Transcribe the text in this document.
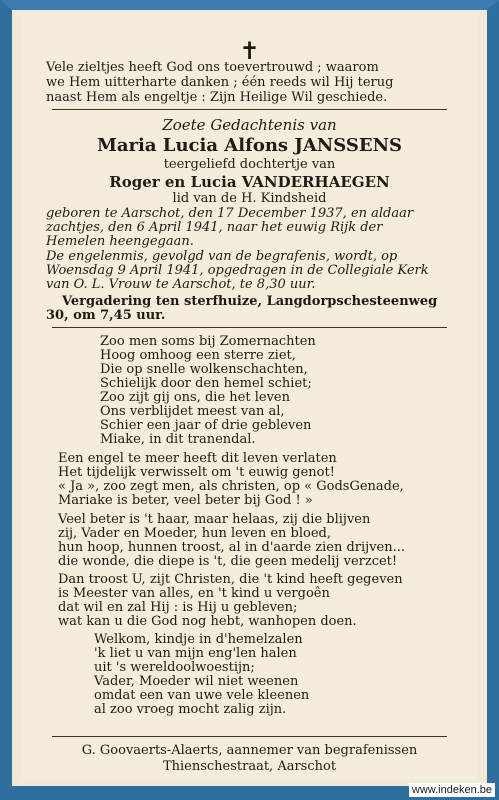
✝
Vele zieltjes heeft God ons toevertrouwd ; waarom
we Hem uitterharte danken ; één reeds wil Hij terug
naast Hem als engeltje : Zijn Heilige Wil geschiede.
Zoete Gedachtenis van
Maria Lucia Alfons JANSSENS
teergeliefd dochtertje van
Roger en Lucia VANDERHAEGEN
lid van de H. Kindsheid
geboren te Aarschot, den 17 December 1937, en aldaar
zachtjes, den 6 April 1941, naar het euwig Rijk der
Hemelen heengegaan.
De engelenmis, gevolgd van de begrafenis, wordt, op
Woensdag 9 April 1941, opgedragen in de Collegiale Kerk
van O. L. Vrouw te Aarschot, te 8,30 uur.
Vergadering ten sterfhuize, Langdorpschesteenweg
30, om 7,45 uur.
Zoo men soms bij Zomernachten
Hoog omhoog een sterre ziet,
Die op snelle wolkenschachten,
Schielijk door den hemel schiet;
Zoo zijt gij ons, die het leven
Ons verblijdet meest van al,
Schier een jaar of drie gebleven
Miake, in dit tranendal.
Een engel te meer heeft dit leven verlaten
Het tijdelijk verwisselt om 't euwig genot!
« Ja », zoo zegt men, als christen, op « GodsGenade,
Mariake is beter, veel beter bij God ! »
Veel beter is 't haar, maar helaas, zij die blijven
zij, Vader en Moeder, hun leven en bloed,
hun hoop, hunnen troost, al in d'aarde zien drijven...
die wonde, die diepe is 't, die geen medelij verzcet!
Dan troost U, zijt Christen, die 't kind heeft gegeven
is Meester van alles, en 't kind u vergoên
dat wil en zal Hij : is Hij u gebleven;
wat kan u die God nog hebt, wanhopen doen.
Welkom, kindje in d'hemelzalen
'k liet u van mijn eng'len halen
uit 's wereldoolwoestijn;
Vader, Moeder wil niet weenen
omdat een van uwe vele kleenen
al zoo vroeg mocht zalig zijn.
G. Goovaerts-Alaerts, aannemer van begrafenissen
Thienschestraat, Aarschot
www.indeken.be
